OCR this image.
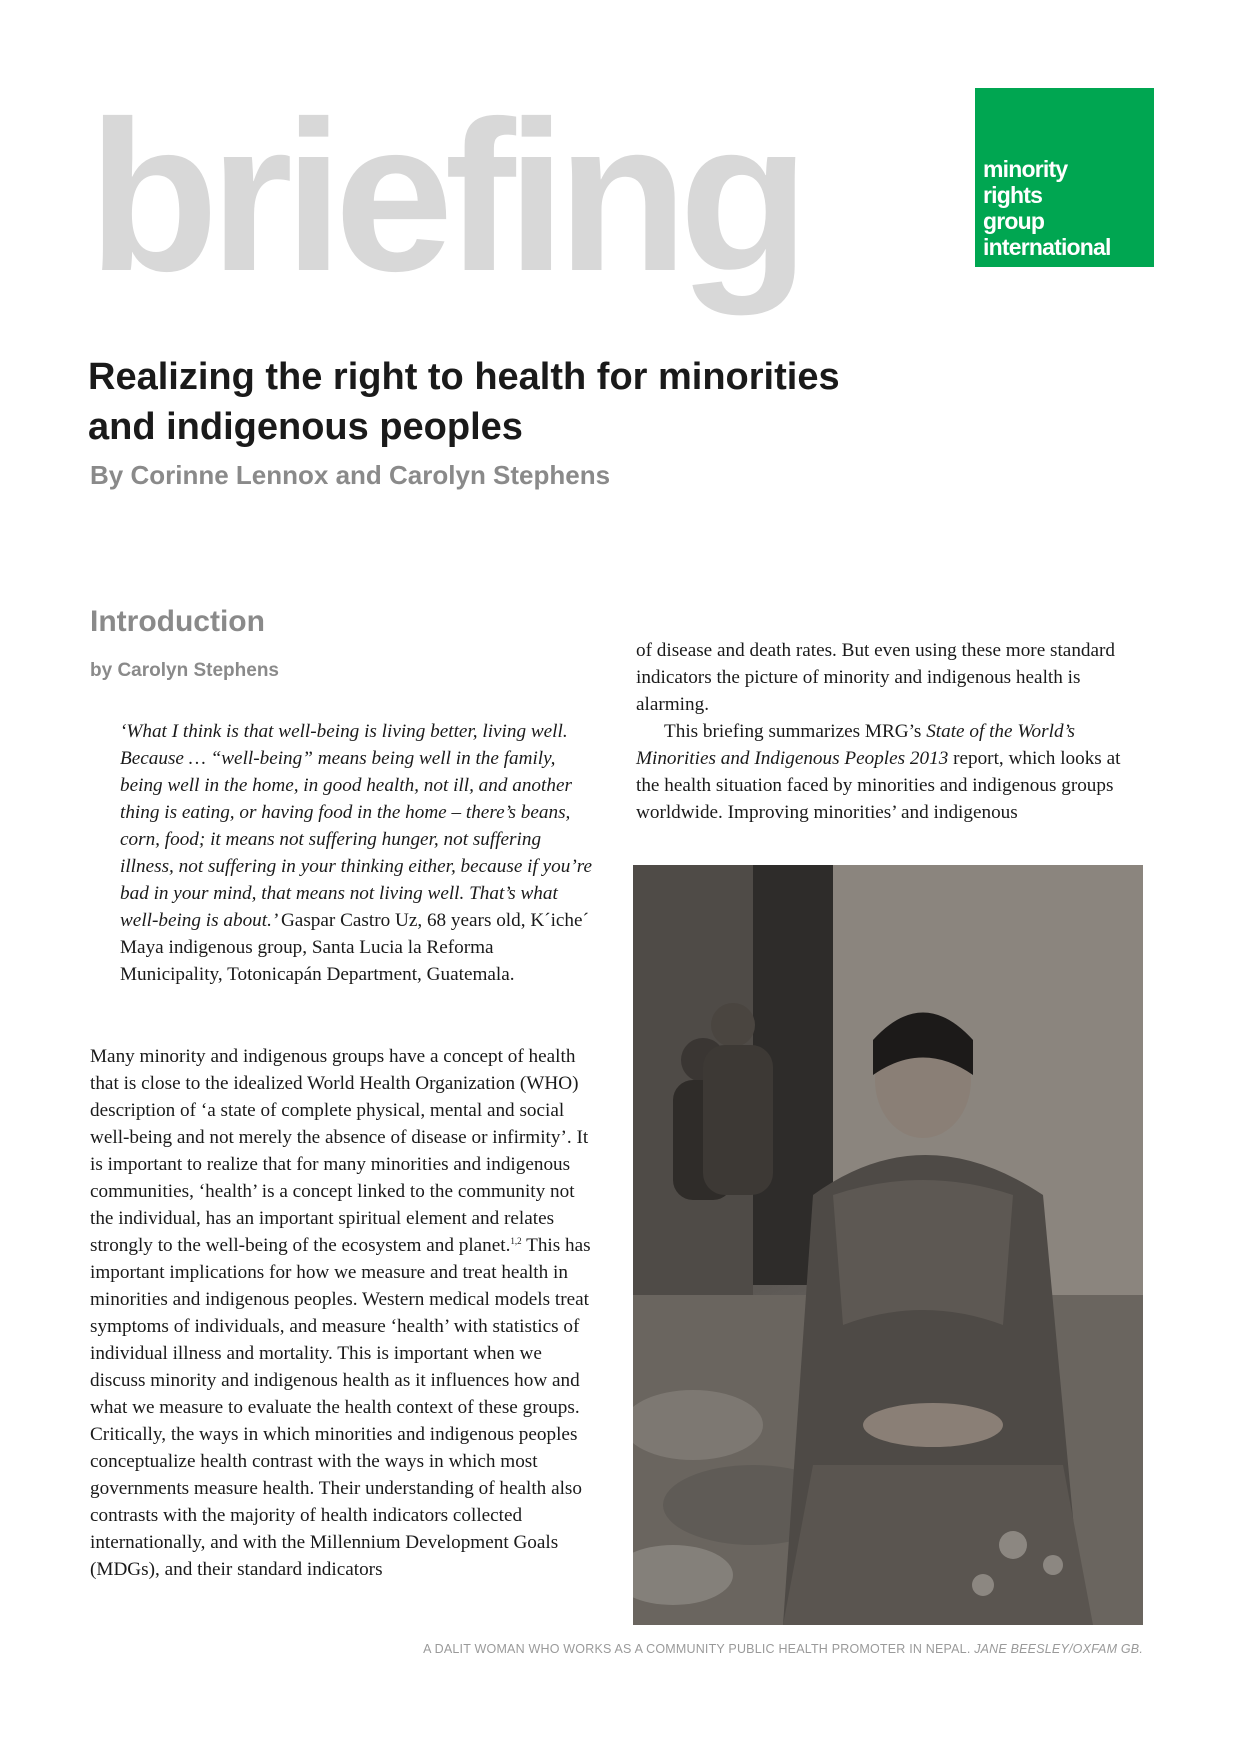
briefing	minority
rights
group
international
Realizing the right to health for minorities
and indigenous peoples
By Corinne Lennox and Carolyn Stephens
Introduction
by Carolyn Stephens

‘What I think is that well-being is living better, living well. Because … “well-being” means being well in the family, being well in the home, in good health, not ill, and another thing is eating, or having food in the home – there’s beans, corn, food; it means not suffering hunger, not suffering illness, not suffering in your thinking either, because if you’re bad in your mind, that means not living well. That’s what well-being is about.’ Gaspar Castro Uz, 68 years old, K´iche´ Maya indigenous group, Santa Lucia la Reforma Municipality, Totonicapán Department, Guatemala.

Many minority and indigenous groups have a concept of health that is close to the idealized World Health Organization (WHO) description of ‘a state of complete physical, mental and social well-being and not merely the absence of disease or infirmity’. It is important to realize that for many minorities and indigenous communities, ‘health’ is a concept linked to the community not the individual, has an important spiritual element and relates strongly to the well-being of the ecosystem and planet.$^{1,2}$ This has important implications for how we measure and treat health in minorities and indigenous peoples. Western medical models treat symptoms of individuals, and measure ‘health’ with statistics of individual illness and mortality. This is important when we discuss minority and indigenous health as it influences how and what we measure to evaluate the health context of these groups. Critically, the ways in which minorities and indigenous peoples conceptualize health contrast with the ways in which most governments measure health. Their understanding of health also contrasts with the majority of health indicators collected internationally, and with the Millennium Development Goals (MDGs), and their standard indicators

of disease and death rates. But even using these more standard indicators the picture of minority and indigenous health is alarming.

This briefing summarizes MRG’s State of the World’s Minorities and Indigenous Peoples 2013 report, which looks at the health situation faced by minorities and indigenous groups worldwide. Improving minorities’ and indigenous

A DALIT WOMAN WHO WORKS AS A COMMUNITY PUBLIC HEALTH PROMOTER IN NEPAL. JANE BEESLEY/OXFAM GB.
